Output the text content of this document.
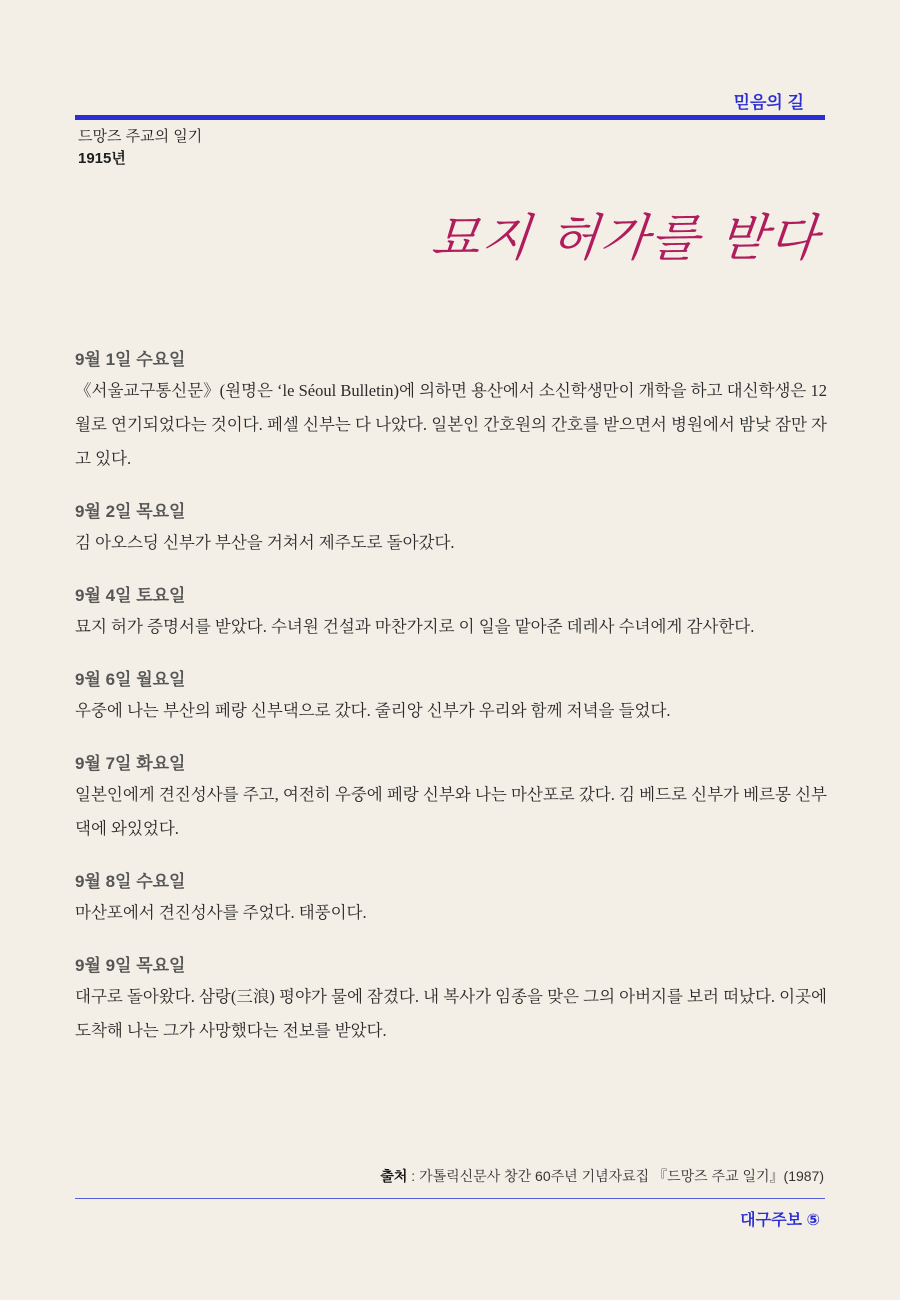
믿음의 길
드망즈 주교의 일기
1915년
묘지 허가를 받다
9월 1일 수요일
《서울교구통신문》(원명은 ‘le Séoul Bulletin)에 의하면 용산에서 소신학생만이 개학을 하고 대신학생은 12월로 연기되었다는 것이다. 페셀 신부는 다 나았다. 일본인 간호원의 간호를 받으면서 병원에서 밤낮 잠만 자고 있다.
9월 2일 목요일
김 아오스딩 신부가 부산을 거쳐서 제주도로 돌아갔다.
9월 4일 토요일
묘지 허가 증명서를 받았다. 수녀원 건설과 마찬가지로 이 일을 맡아준 데레사 수녀에게 감사한다.
9월 6일 월요일
우중에 나는 부산의 페랑 신부댁으로 갔다. 줄리앙 신부가 우리와 함께 저녁을 들었다.
9월 7일 화요일
일본인에게 견진성사를 주고, 여전히 우중에 페랑 신부와 나는 마산포로 갔다. 김 베드로 신부가 베르몽 신부댁에 와있었다.
9월 8일 수요일
마산포에서 견진성사를 주었다. 태풍이다.
9월 9일 목요일
대구로 돌아왔다. 삼랑(三浪) 평야가 물에 잠겼다. 내 복사가 임종을 맞은 그의 아버지를 보러 떠났다. 이곳에 도착해 나는 그가 사망했다는 전보를 받았다.
출처 : 가톨릭신문사 창간 60주년 기념자료집 『드망즈 주교 일기』(1987)
대구주보 ⑤
